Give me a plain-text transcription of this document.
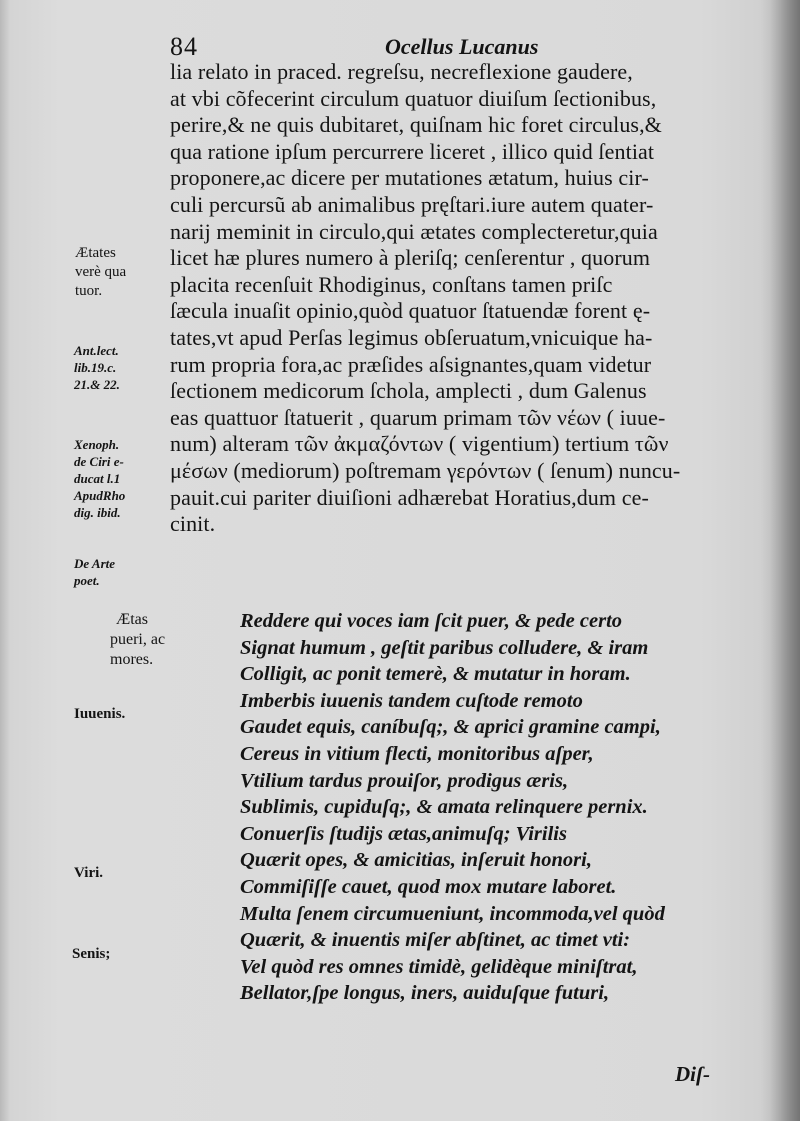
84	Ocellus Lucanus
lia relato in praced. regreſsu, necreflexione gaudere,
at vbi cõfecerint circulum quatuor diuiſum ſectionibus,
perire,& ne quis dubitaret, quiſnam hic foret circulus,&
qua ratione ipſum percurrere liceret , illico quid ſentiat
proponere,ac dicere per mutationes ætatum, huius cir-
culi percursũ ab animalibus pręſtari.iure autem quater-
narij meminit in circulo,qui ætates complecteretur,quia
licet hæ plures numero à pleriſq; cenſerentur , quorum
placita recenſuit Rhodiginus, conſtans tamen priſc
ſæcula inuaſit opinio,quòd quatuor ſtatuendæ forent ę-
tates,vt apud Perſas legimus obſeruatum,vnicuique ha-
rum propria fora,ac præſides aſsignantes,quam videtur
ſectionem medicorum ſchola, amplecti , dum Galenus
eas quattuor ſtatuerit , quarum primam τῶν νέων ( iuue-
num) alteram τῶν ἀκμαζόντων ( vigentium) tertium τῶν
μέσων (mediorum) poſtremam γερόντων ( ſenum) nuncu-
pauit.cui pariter diuiſioni adhærebat Horatius,dum ce-
cinit.
Reddere qui voces iam ſcit puer, & pede certo
Signat humum , geſtit paribus colludere, & iram
Colligit, ac ponit temerè, & mutatur in horam.
Imberbis iuuenis tandem cuſtode remoto
Gaudet equis, caníbuſq;, & aprici gramine campi,
Cereus in vitium flecti, monitoribus aſper,
Vtilium tardus prouiſor, prodigus æris,
Sublimis, cupiduſq;, & amata relinquere pernix.
Conuerſis ſtudijs ætas,animuſq; Virilis
Quærit opes, & amicitias, inſeruit honori,
Commiſiſſe cauet, quod mox mutare laboret.
Multa ſenem circumueniunt, incommoda,vel quòd
Quærit, & inuentis miſer abſtinet, ac timet vti:
Vel quòd res omnes timidè, gelidèque miniſtrat,
Bellator,ſpe longus, iners, auiduſque futuri,
Diſ-
Ætates
verè qua
tuor.
Ant.lect.
lib.19.c.
21.& 22.
Xenoph.
de Ciri e-
ducat l.1
ApudRho
dig. ibid.
De Arte
poet.
Ætas
pueri, ac
mores.
Iuuenis.
Viri.
Senis;
